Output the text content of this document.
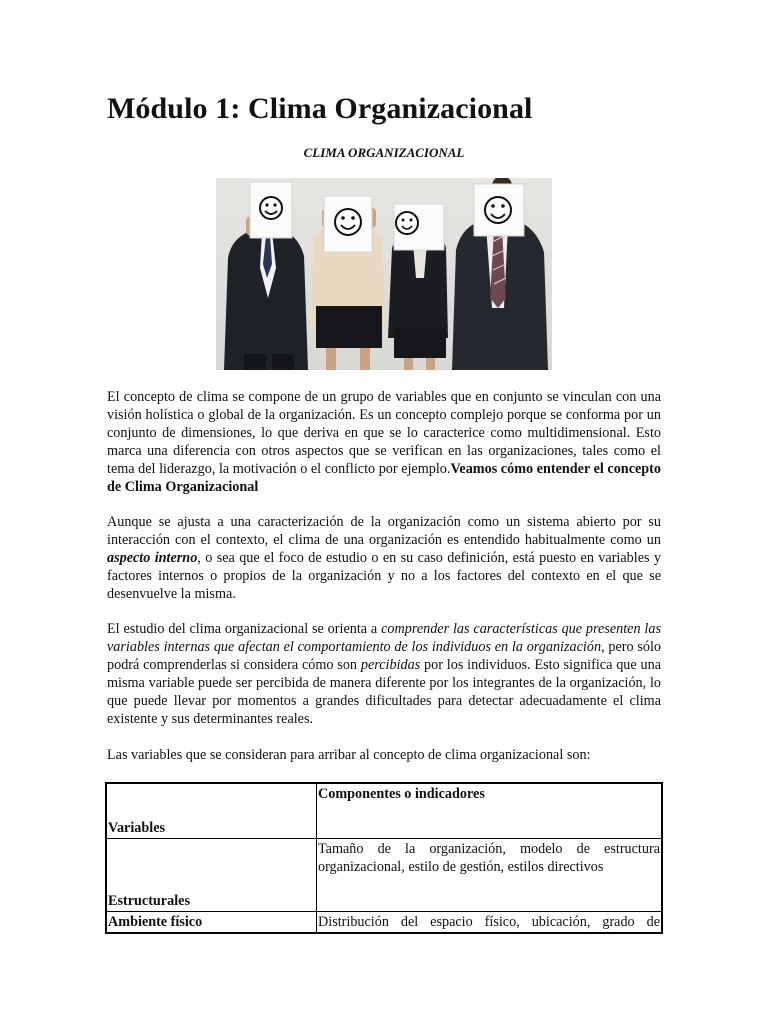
Módulo 1: Clima Organizacional
CLIMA ORGANIZACIONAL

El concepto de clima se compone de un grupo de variables que en conjunto se vinculan con una visión holística o global de la organización. Es un concepto complejo porque se conforma por un conjunto de dimensiones, lo que deriva en que se lo caracterice como multidimensional. Esto marca una diferencia con otros aspectos que se verifican en las organizaciones, tales como el tema del liderazgo, la motivación o el conflicto por ejemplo.Veamos cómo entender el concepto de Clima Organizacional

Aunque se ajusta a una caracterización de la organización como un sistema abierto por su interacción con el contexto, el clima de una organización es entendido habitualmente como un aspecto interno, o sea que el foco de estudio o en su caso definición, está puesto en variables y factores internos o propios de la organización y no a los factores del contexto en el que se desenvuelve la misma.

El estudio del clima organizacional se orienta a comprender las características que presenten las variables internas que afectan el comportamiento de los individuos en la organización, pero sólo podrá comprenderlas si considera cómo son percibidas por los individuos. Esto significa que una misma variable puede ser percibida de manera diferente por los integrantes de la organización, lo que puede llevar por momentos a grandes dificultades para detectar adecuadamente el clima existente y sus determinantes reales.

Las variables que se consideran para arribar al concepto de clima organizacional son:

Variables	Componentes o indicadores
Estructurales	Tamaño de la organización, modelo de estructura organizacional, estilo de gestión, estilos directivos
Ambiente físico	Distribución del espacio físico, ubicación, grado de
